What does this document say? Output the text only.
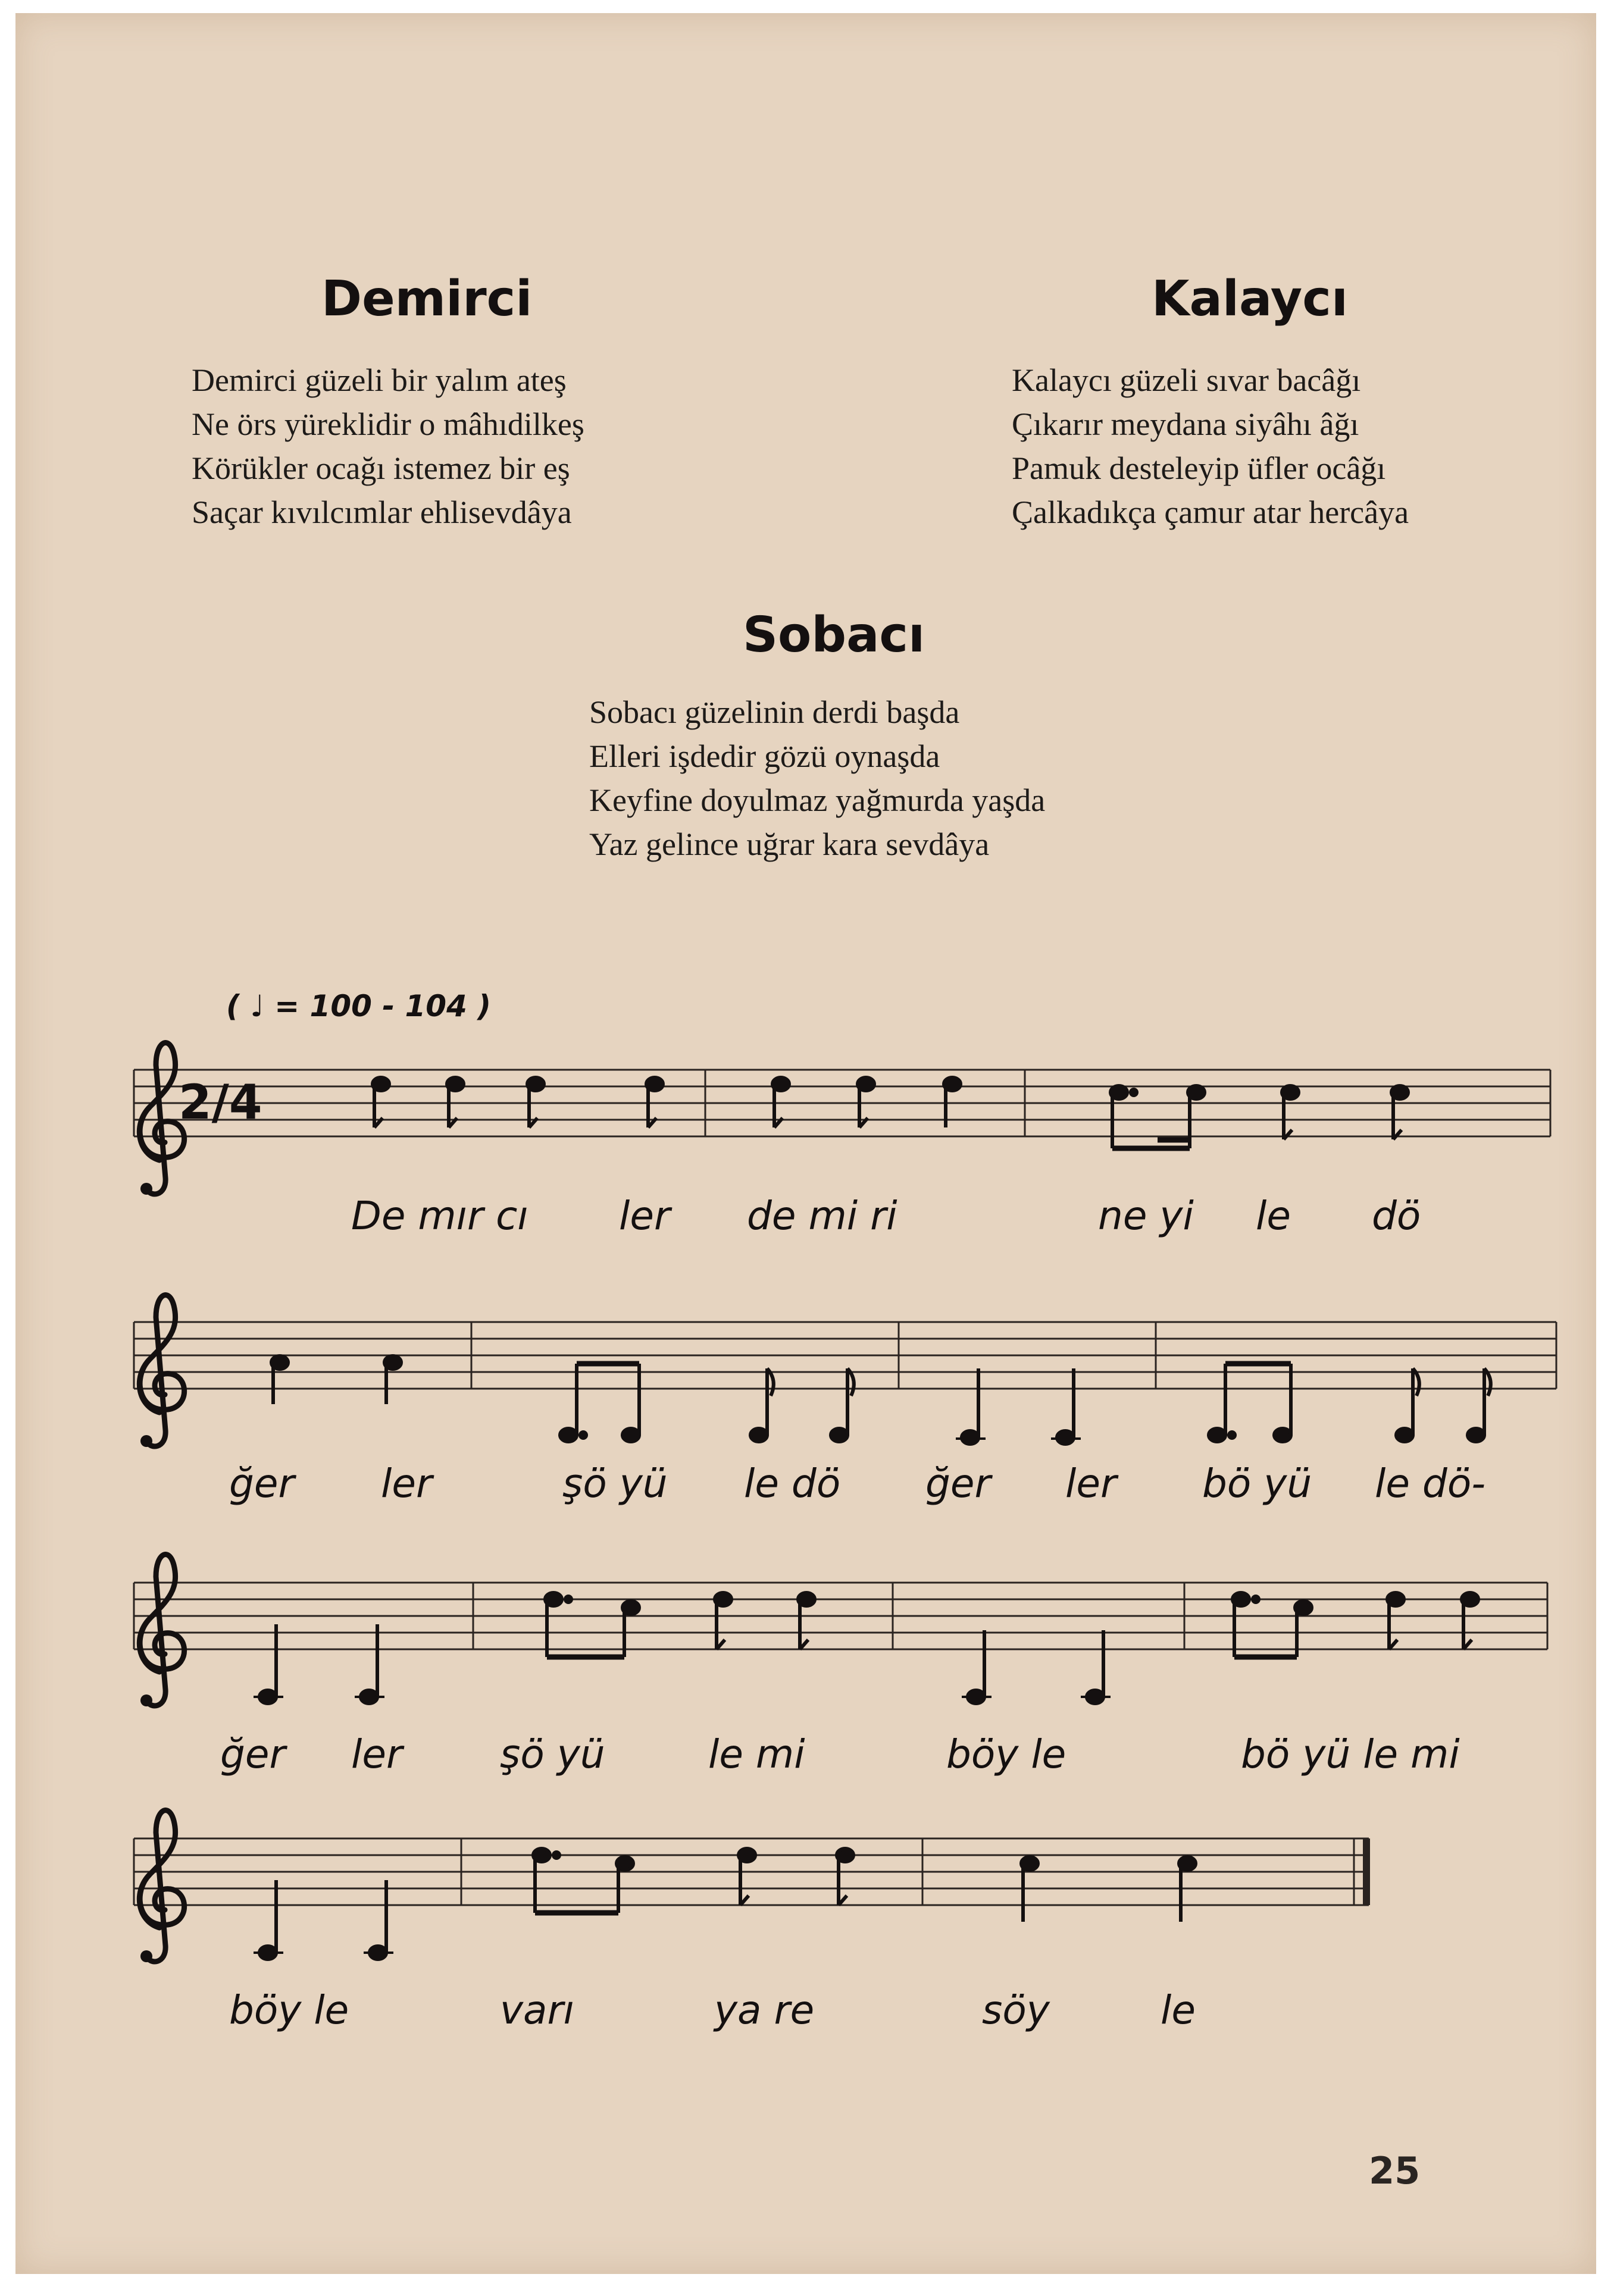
Demirci
Demirci güzeli bir yalım ateş
Ne örs yüreklidir o mâhıdilkeş
Körükler ocağı istemez bir eş
Saçar kıvılcımlar ehlisevdâya
Kalaycı
Kalaycı güzeli sıvar bacâğı
Çıkarır meydana siyâhı âğı
Pamuk desteleyip üfler ocâğı
Çalkadıkça çamur atar hercâya
Sobacı
Sobacı güzelinin derdi başda
Elleri işdedir gözü oynaşda
Keyfine doyulmaz yağmurda yaşda
Yaz gelince uğrar kara sevdâya
( ♩ = 100 - 104 )
2/4
De mır cı ler de mi ri	ne yi le dö
ğer ler	şö yü le dö ğer ler bö yü le dö-
ğer ler şö yü	le mi	böy le	bö yü le mi
böy le	varı	ya re	söy	le
25
